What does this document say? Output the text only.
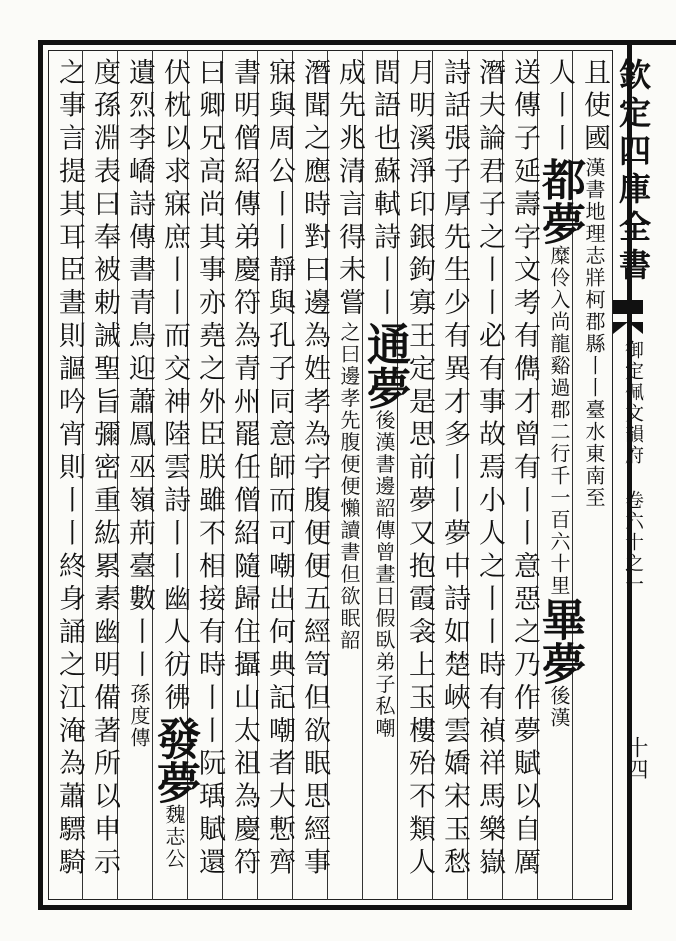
欽定四庫全書
御定佩文韻府 卷六十之一
十四
且使國漢書地理志牂柯郡縣丨丨臺水東南至
人丨丨都夢糜伶入尚龍谿過郡二行千一百六十里畢夢後漢
送傳子延壽字文考有儁才曾有丨丨意惡之乃作夢賦以自厲
潛夫論君子之丨丨必有事故焉小人之丨丨時有禎祥馬樂嶽
詩話張子厚先生少有異才多丨丨夢中詩如楚峽雲嬌宋玉愁
月明溪淨印銀鉤寡王定是思前夢又抱霞衾上玉樓殆不類人
間語也蘇軾詩丨丨通夢後漢書邊韶傳曾晝日假臥弟子私嘲
成先兆清言得未嘗之曰邊孝先腹便便懶讀書但欲眠韶
潛聞之應時對曰邊為姓孝為字腹便便五經笥但欲眠思經事
寐與周公丨丨靜與孔子同意師而可嘲出何典記嘲者大慙齊
書明僧紹傳弟慶符為青州罷任僧紹隨歸住攝山太祖為慶符
曰卿兄高尚其事亦堯之外臣朕雖不相接有時丨丨阮瑀賦還
伏枕以求寐庶丨丨而交神陸雲詩丨丨幽人彷彿發夢魏志公
遺烈李嶠詩傳書青鳥迎蕭鳳巫嶺荊臺數丨丨孫度傳
度孫淵表曰奉被勅誡聖旨彌密重紘累素幽明備著所以申示
之事言提其耳臣晝則謳吟宵則丨丨終身誦之江淹為蕭驃騎
